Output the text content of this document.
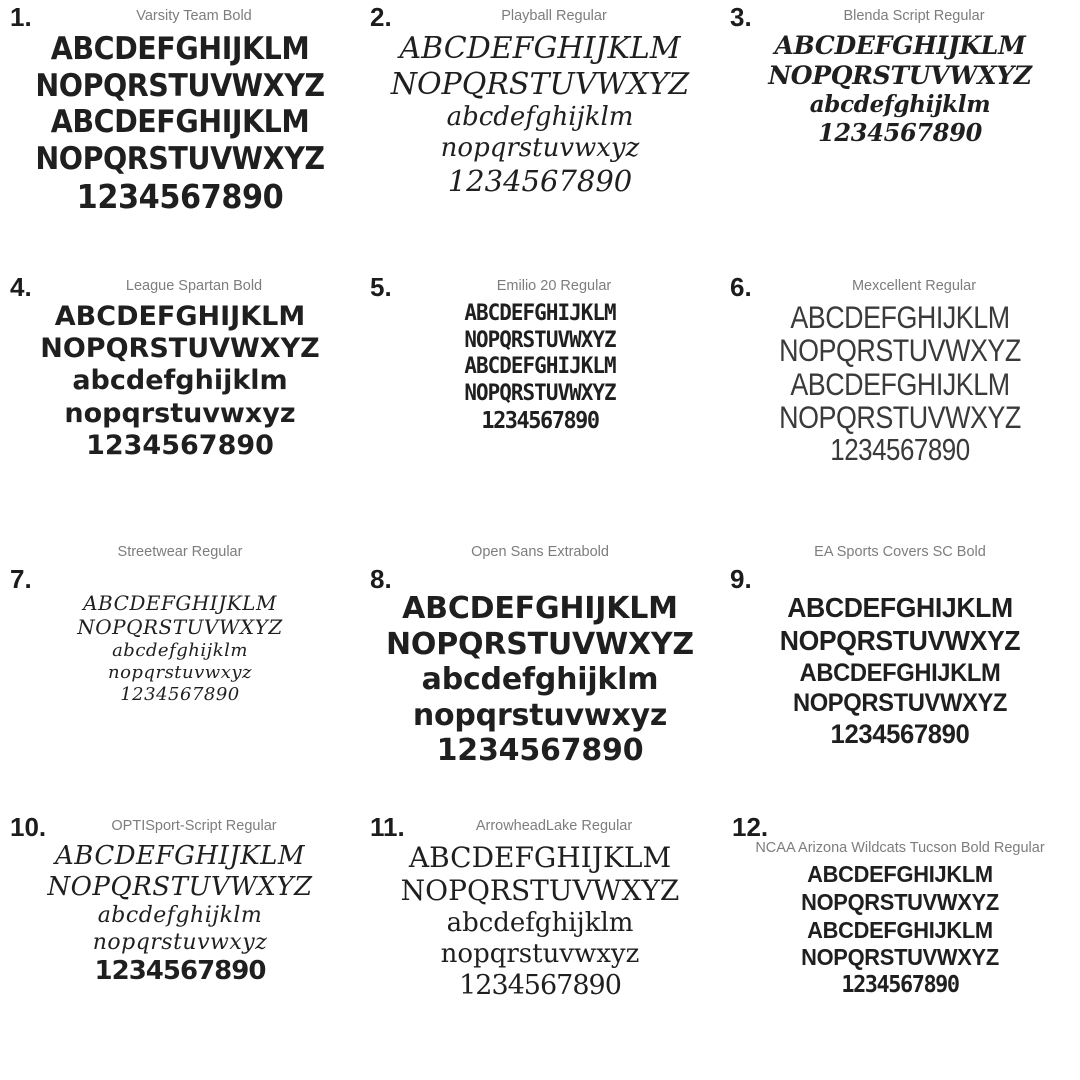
1.	Varsity Team Bold
ABCDEFGHIJKLM
NOPQRSTUVWXYZ
ABCDEFGHIJKLM
NOPQRSTUVWXYZ
1234567890
2.	Playball Regular
ABCDEFGHIJKLM
NOPQRSTUVWXYZ
abcdefghijklm
nopqrstuvwxyz
1234567890
3.	Blenda Script Regular
ABCDEFGHIJKLM
NOPQRSTUVWXYZ
abcdefghijklm
1234567890
4.	League Spartan Bold
ABCDEFGHIJKLM
NOPQRSTUVWXYZ
abcdefghijklm
nopqrstuvwxyz
1234567890
5.	Emilio 20 Regular
ABCDEFGHIJKLM
NOPQRSTUVWXYZ
ABCDEFGHIJKLM
NOPQRSTUVWXYZ
1234567890
6.	Mexcellent Regular
ABCDEFGHIJKLM
NOPQRSTUVWXYZ
ABCDEFGHIJKLM
NOPQRSTUVWXYZ
1234567890
Streetwear Regular
7.
ABCDEFGHIJKLM
NOPQRSTUVWXYZ
abcdefghijklm
nopqrstuvwxyz
1234567890
Open Sans Extrabold
8.
ABCDEFGHIJKLM
NOPQRSTUVWXYZ
abcdefghijklm
nopqrstuvwxyz
1234567890
EA Sports Covers SC Bold
9.
ABCDEFGHIJKLM
NOPQRSTUVWXYZ
ABCDEFGHIJKLM
NOPQRSTUVWXYZ
1234567890
10.	OPTISport-Script Regular
ABCDEFGHIJKLM
NOPQRSTUVWXYZ
abcdefghijklm
nopqrstuvwxyz
1234567890
11.	ArrowheadLake Regular
ABCDEFGHIJKLM
NOPQRSTUVWXYZ
abcdefghijklm
nopqrstuvwxyz
1234567890
12.
NCAA Arizona Wildcats Tucson Bold Regular
ABCDEFGHIJKLM
NOPQRSTUVWXYZ
ABCDEFGHIJKLM
NOPQRSTUVWXYZ
1234567890
